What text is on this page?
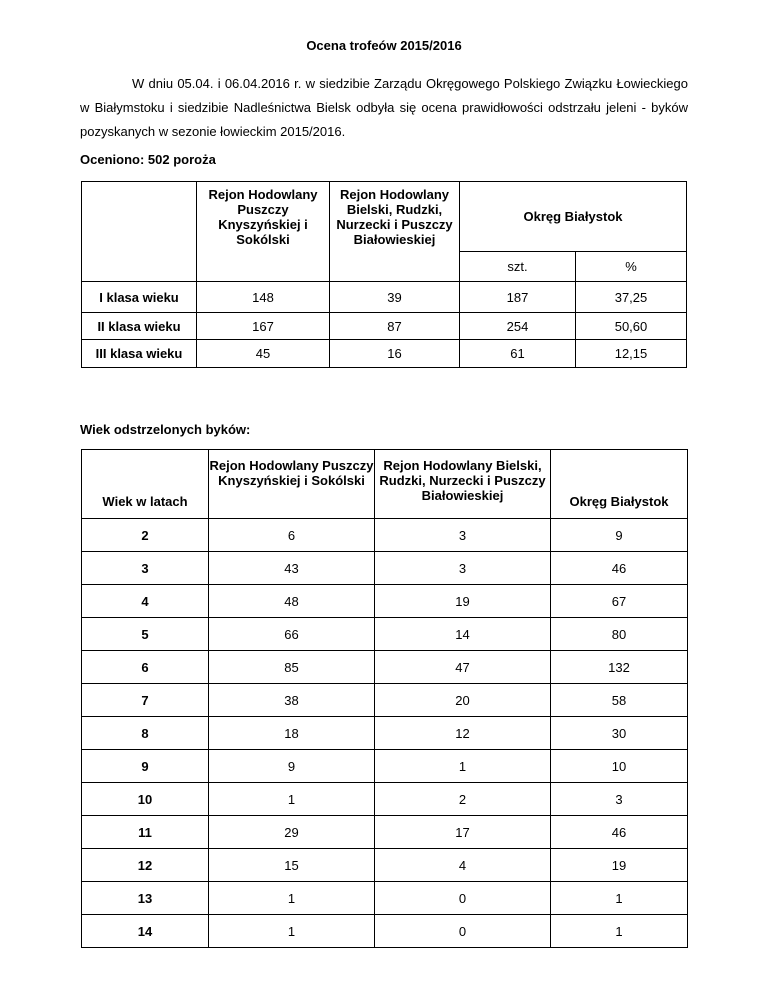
Ocena trofeów 2015/2016

W dniu 05.04. i 06.04.2016 r. w siedzibie Zarządu Okręgowego Polskiego Związku Łowieckiego w Białymstoku i siedzibie Nadleśnictwa Bielsk odbyła się ocena prawidłowości odstrzału jeleni - byków pozyskanych w sezonie łowieckim 2015/2016.

Oceniono: 502 poroża
	Rejon Hodowlany Puszczy Knyszyńskiej i Sokólski	Rejon Hodowlany Bielski, Rudzki, Nurzecki i Puszczy Białowieskiej	Okręg Białystok	
			szt.	%
I klasa wieku	148	39	187	37,25
II klasa wieku	167	87	254	50,60
III klasa wieku	45	16	61	12,15
Wiek odstrzelonych byków:
Wiek w latach	Rejon Hodowlany Puszczy Knyszyńskiej i Sokólski	Rejon Hodowlany Bielski, Rudzki, Nurzecki i Puszczy Białowieskiej	Okręg Białystok
2	6	3	9
3	43	3	46
4	48	19	67
5	66	14	80
6	85	47	132
7	38	20	58
8	18	12	30
9	9	1	10
10	1	2	3
11	29	17	46
12	15	4	19
13	1	0	1
14	1	0	1
